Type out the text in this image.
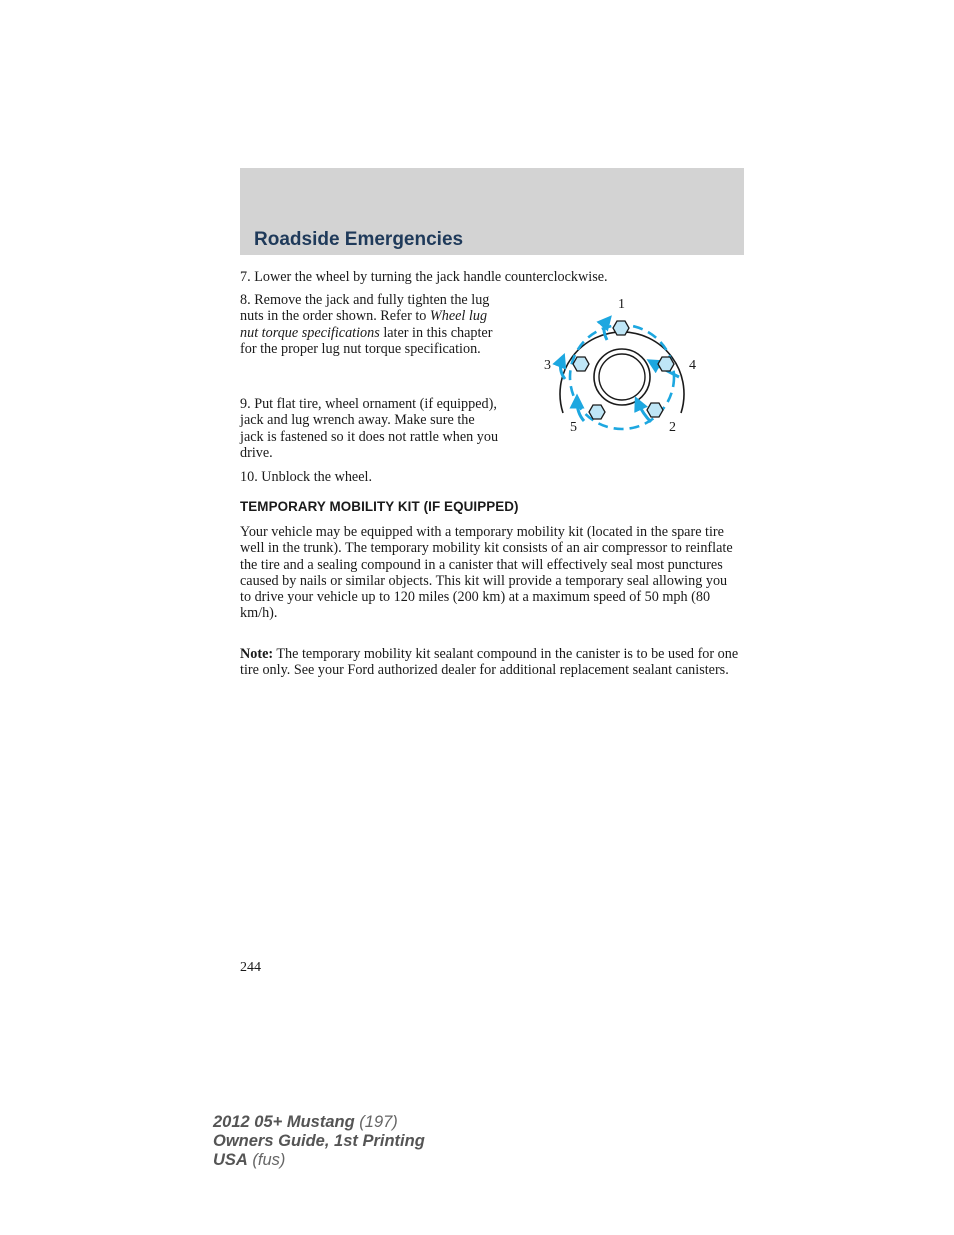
Roadside Emergencies
7. Lower the wheel by turning the jack handle counterclockwise.
8. Remove the jack and fully tighten the lug nuts in the order shown. Refer to Wheel lug nut torque specifications later in this chapter for the proper lug nut torque specification.
9. Put flat tire, wheel ornament (if equipped), jack and lug wrench away. Make sure the jack is fastened so it does not rattle when you drive.
10. Unblock the wheel.
1
2
3	4
5
TEMPORARY MOBILITY KIT (IF EQUIPPED)
Your vehicle may be equipped with a temporary mobility kit (located in the spare tire well in the trunk). The temporary mobility kit consists of an air compressor to reinflate the tire and a sealing compound in a canister that will effectively seal most punctures caused by nails or similar objects. This kit will provide a temporary seal allowing you to drive your vehicle up to 120 miles (200 km) at a maximum speed of 50 mph (80 km/h).
Note: The temporary mobility kit sealant compound in the canister is to be used for one tire only. See your Ford authorized dealer for additional replacement sealant canisters.
244
2012 05+ Mustang (197)
Owners Guide, 1st Printing
USA (fus)
